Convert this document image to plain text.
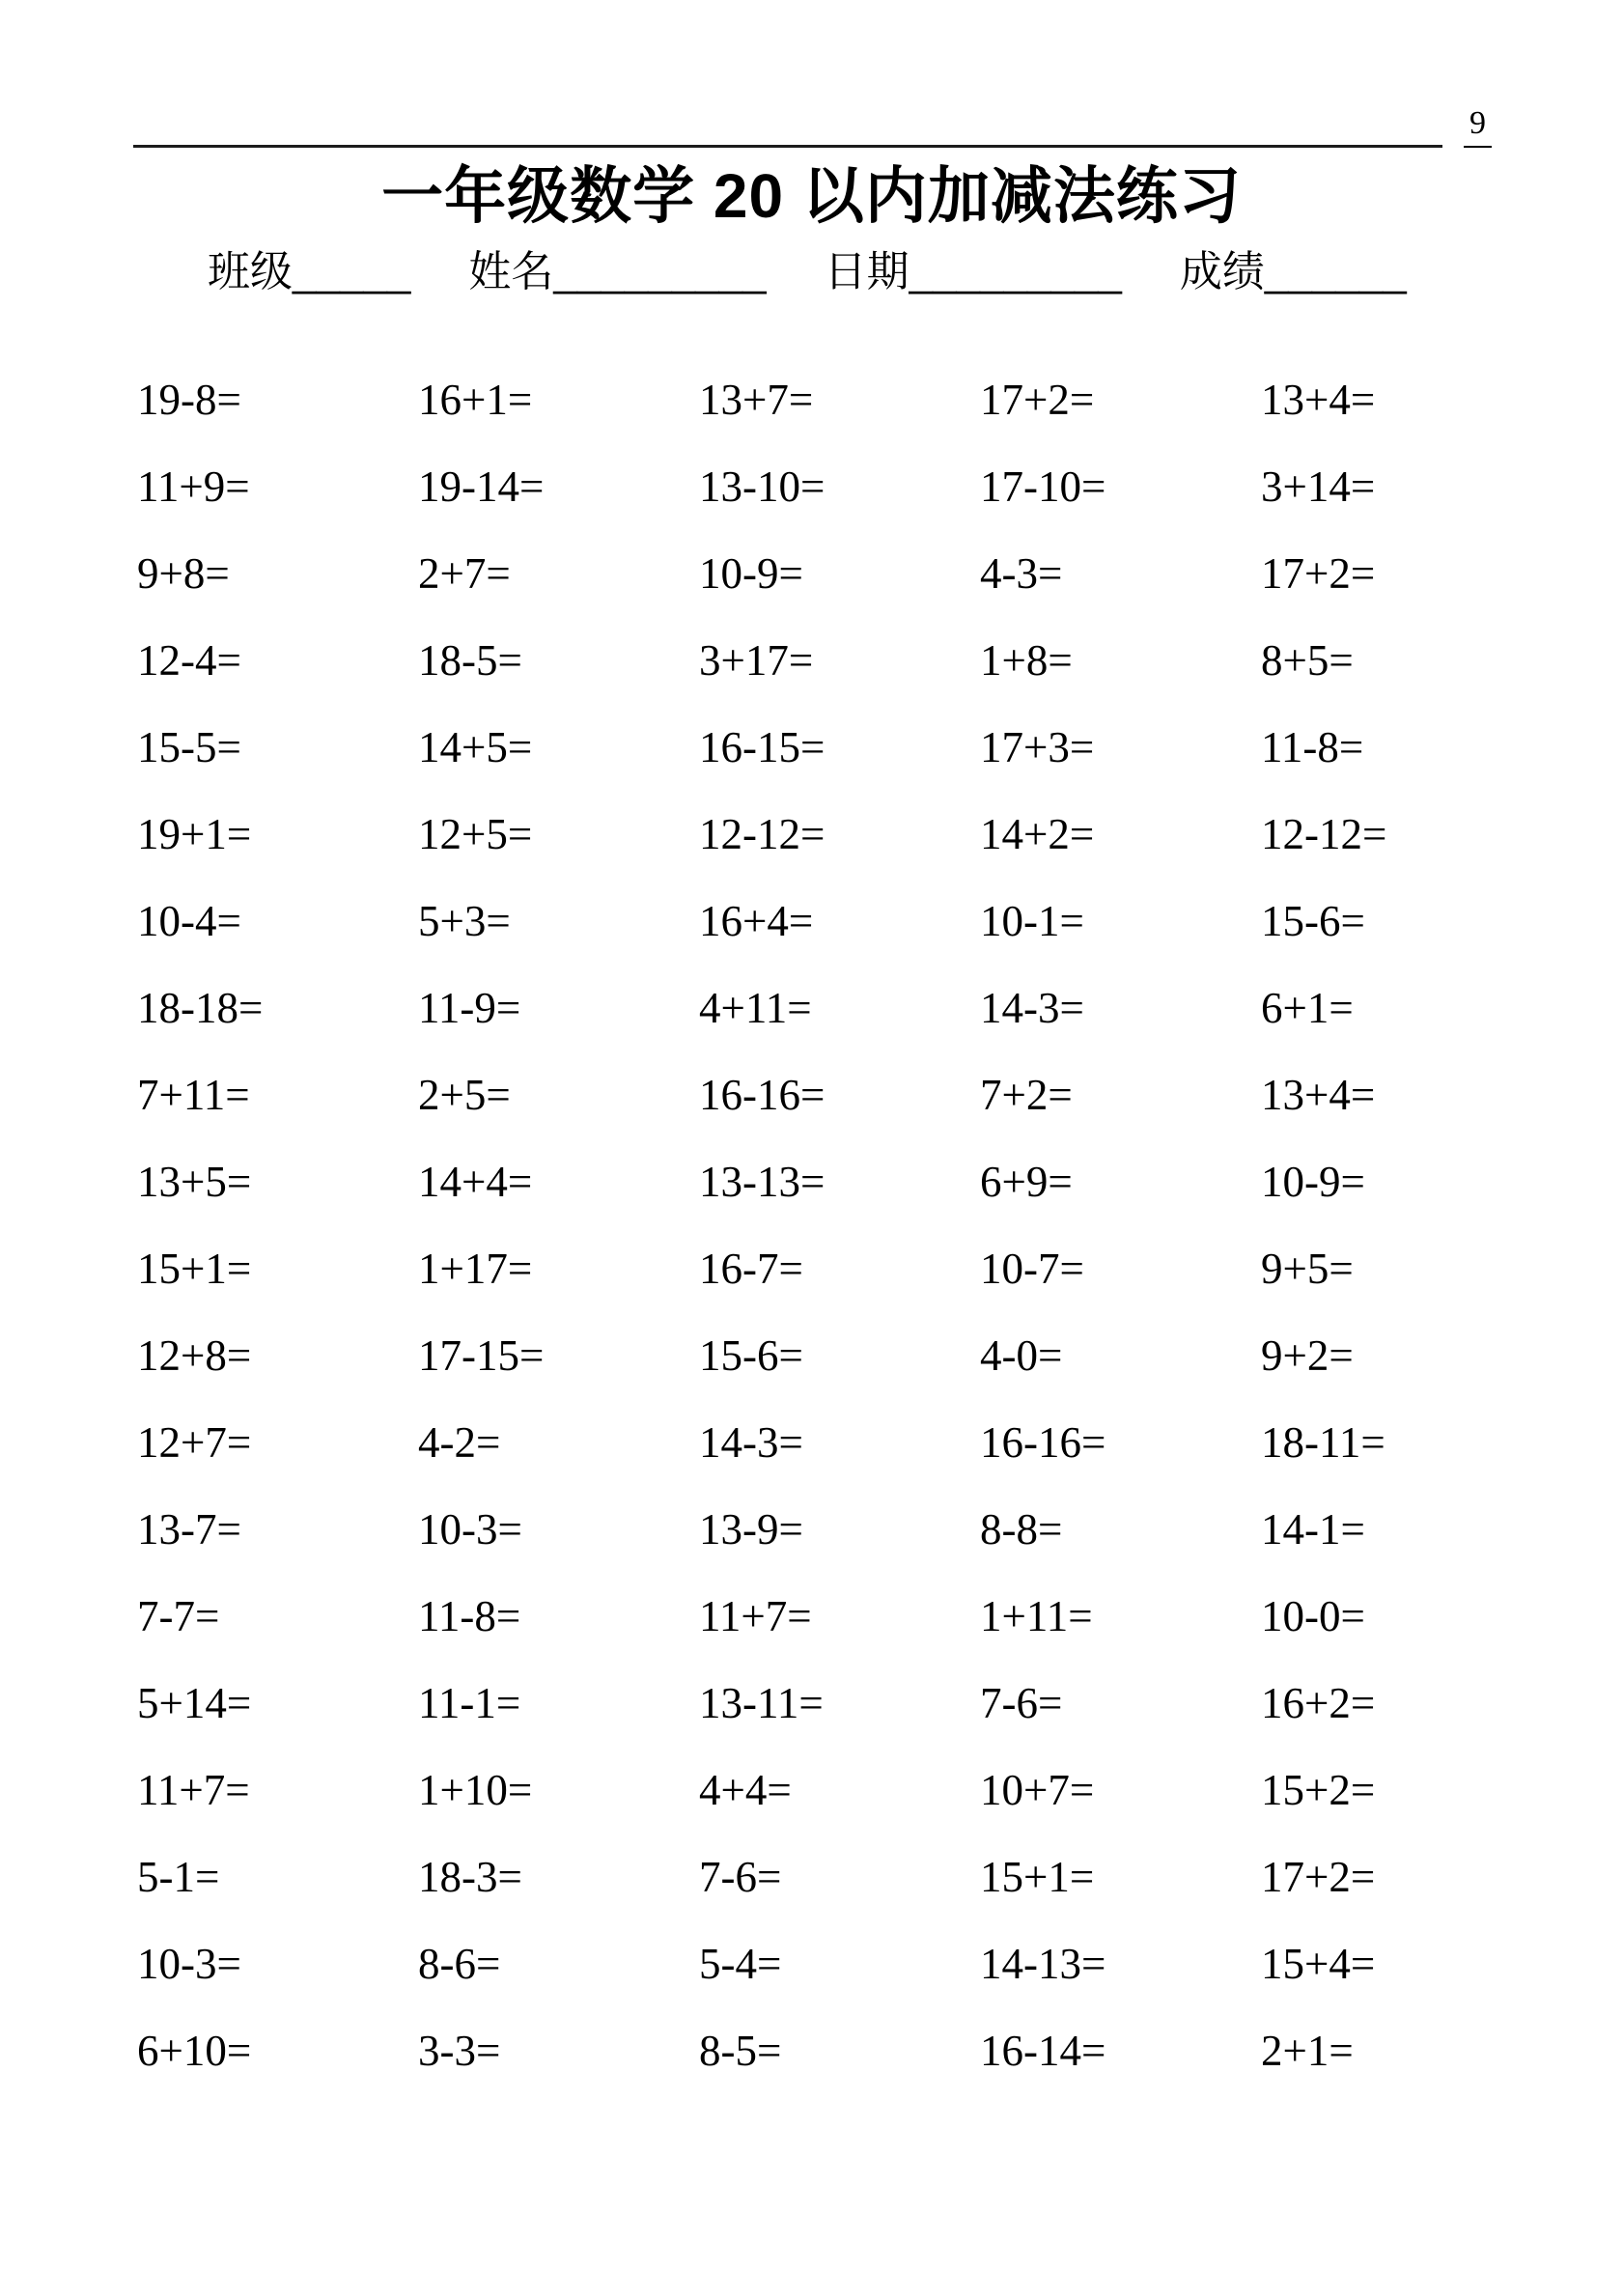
9
一年级数学 20 以内加减法练习
班级 _____ 姓名 _________ 日期 _________ 成绩 ______
19-8=	16+1=	13+7=	17+2=	13+4=
11+9=	19-14=	13-10=	17-10=	3+14=
9+8=	2+7=	10-9=	4-3=	17+2=
12-4=	18-5=	3+17=	1+8=	8+5=
15-5=	14+5=	16-15=	17+3=	11-8=
19+1=	12+5=	12-12=	14+2=	12-12=
10-4=	5+3=	16+4=	10-1=	15-6=
18-18=	11-9=	4+11=	14-3=	6+1=
7+11=	2+5=	16-16=	7+2=	13+4=
13+5=	14+4=	13-13=	6+9=	10-9=
15+1=	1+17=	16-7=	10-7=	9+5=
12+8=	17-15=	15-6=	4-0=	9+2=
12+7=	4-2=	14-3=	16-16=	18-11=
13-7=	10-3=	13-9=	8-8=	14-1=
7-7=	11-8=	11+7=	1+11=	10-0=
5+14=	11-1=	13-11=	7-6=	16+2=
11+7=	1+10=	4+4=	10+7=	15+2=
5-1=	18-3=	7-6=	15+1=	17+2=
10-3=	8-6=	5-4=	14-13=	15+4=
6+10=	3-3=	8-5=	16-14=	2+1=
